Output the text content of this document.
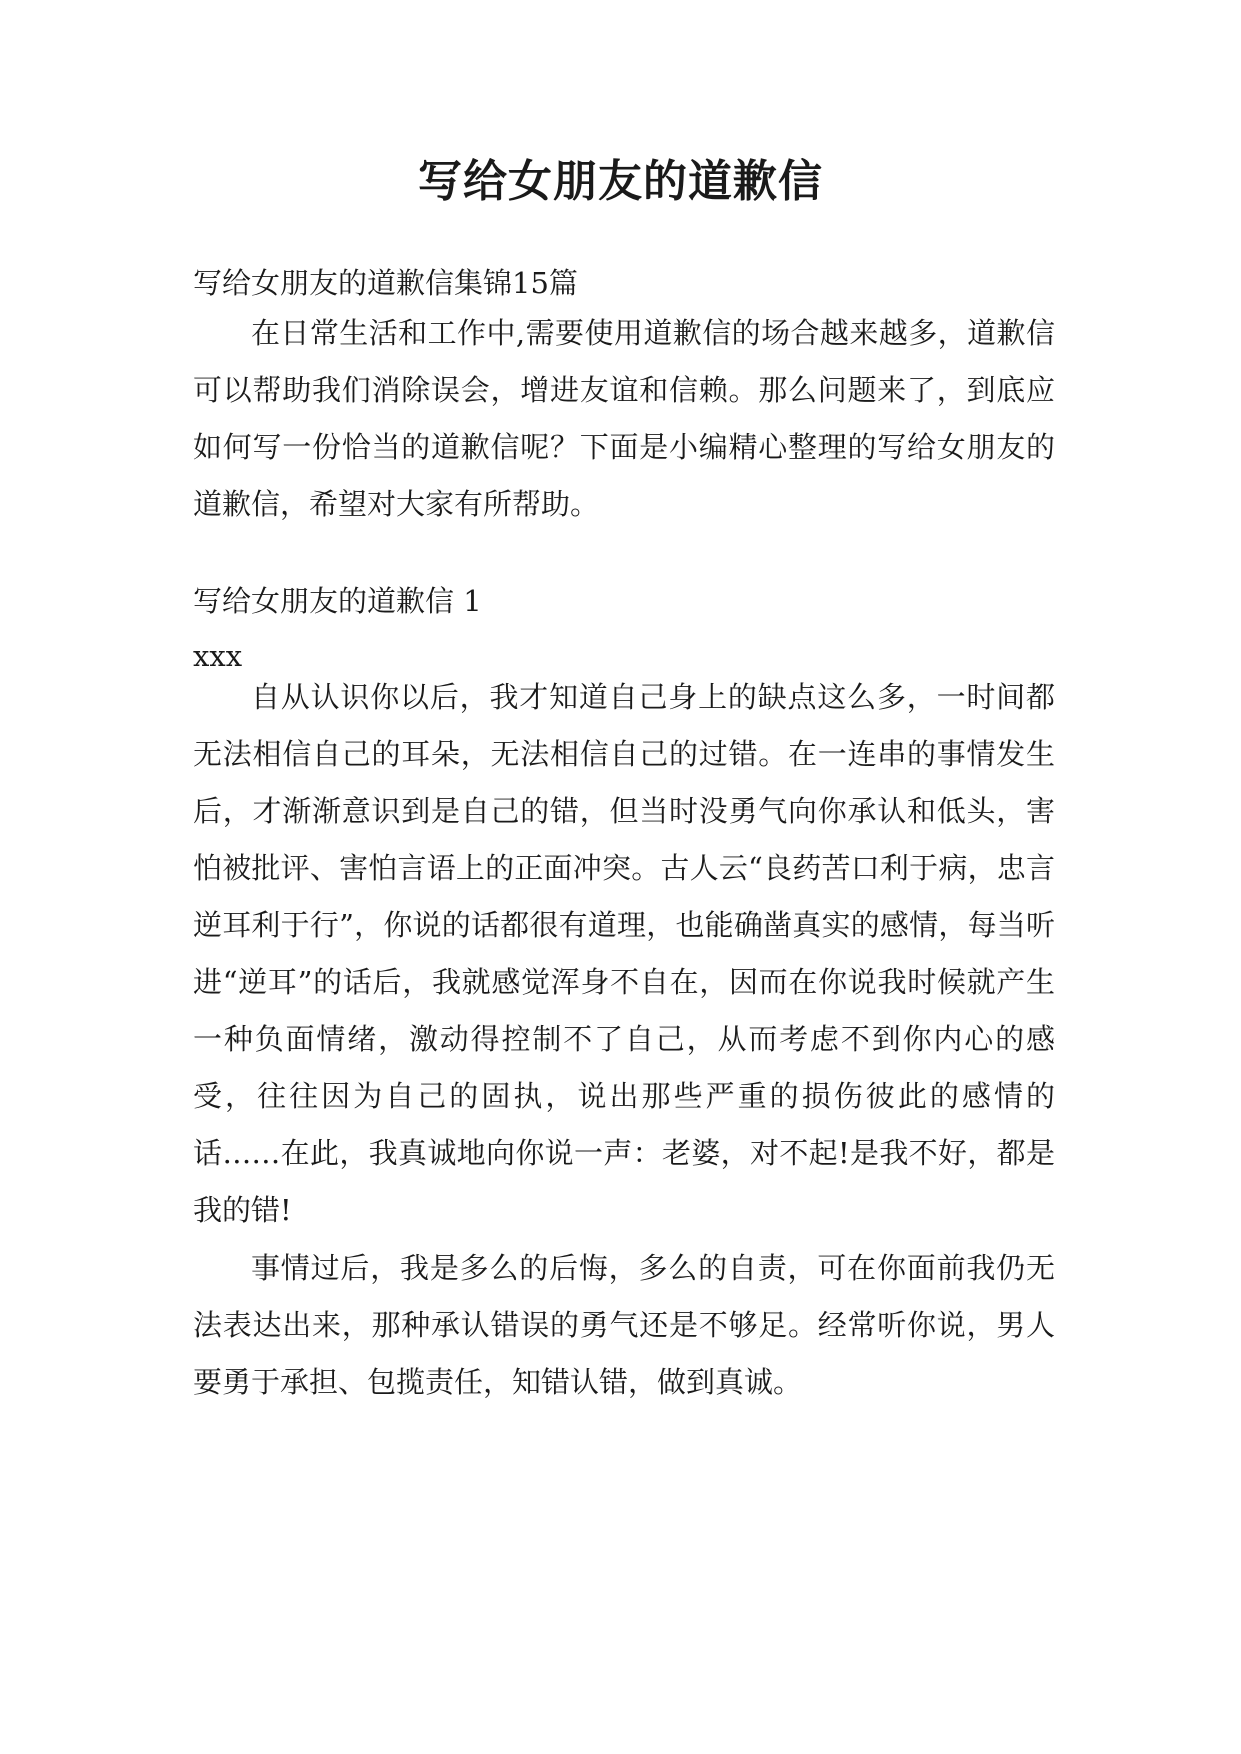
写给女朋友的道歉信

写给女朋友的道歉信集锦15篇

在日常生活和工作中,需要使用道歉信的场合越来越多，道歉信可以帮助我们消除误会，增进友谊和信赖。那么问题来了，到底应如何写一份恰当的道歉信呢？下面是小编精心整理的写给女朋友的道歉信，希望对大家有所帮助。

写给女朋友的道歉信 1

xxx

自从认识你以后，我才知道自己身上的缺点这么多，一时间都无法相信自己的耳朵，无法相信自己的过错。在一连串的事情发生后，才渐渐意识到是自己的错，但当时没勇气向你承认和低头，害怕被批评、害怕言语上的正面冲突。古人云“良药苦口利于病，忠言逆耳利于行”，你说的话都很有道理，也能确凿真实的感情，每当听进“逆耳”的话后，我就感觉浑身不自在，因而在你说我时候就产生一种负面情绪，激动得控制不了自己，从而考虑不到你内心的感受，往往因为自己的固执，说出那些严重的损伤彼此的感情的话……在此，我真诚地向你说一声：老婆，对不起!是我不好，都是我的错!

事情过后，我是多么的后悔，多么的自责，可在你面前我仍无法表达出来，那种承认错误的勇气还是不够足。经常听你说，男人要勇于承担、包揽责任，知错认错，做到真诚。
